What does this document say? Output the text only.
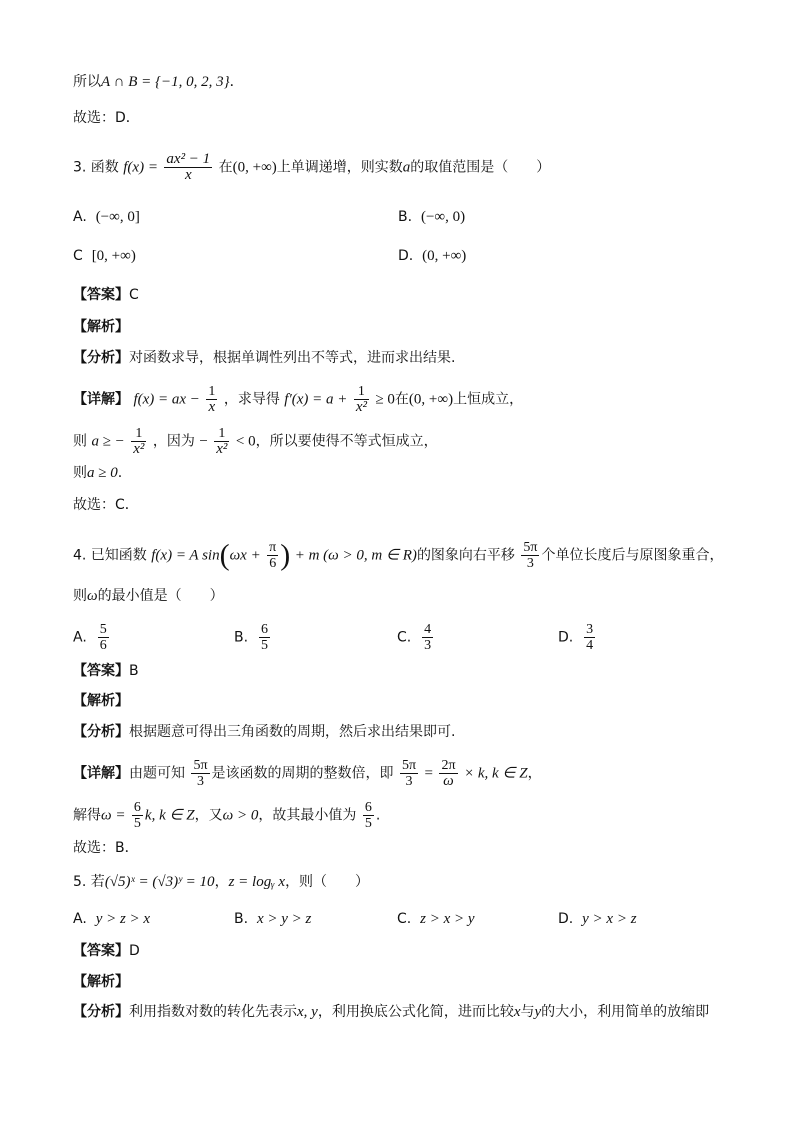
所以A ∩ B = {−1, 0, 2, 3}．
故选：D．
3. 函数 $f(x) = \frac{\text{ax² − 1}}{x}$ 在(0, +∞)上单调递增，则实数a的取值范围是（　　）
A. (−∞, 0]	B. (−∞, 0)
C [0, +∞)	D. (0, +∞)
【答案】C
【解析】
【分析】对函数求导，根据单调性列出不等式，进而求出结果.
【详解】 f(x) = ax − $\frac{1}{x}$ ，求导得 $f'(x) = a + \frac{1}{\text{x²}} \ge 0$在(0, +∞)上恒成立，
则 a ≥ − $\frac{1}{\text{x²}}$ ，因为 − $\frac{1}{\text{x²}} < 0$，所以要使得不等式恒成立，
则a ≥ 0.
故选：C．
4. 已知函数 f(x) = A $\sin(\omega x + \frac{\pi}{6}$ ) + m (ω > 0, m ∈ R)的图象向右平移 $\frac{5\pi}{3}$ 个单位长度后与原图象重合，
则ω的最小值是（　　）
A. $\frac{5}{6}$	B. $\frac{6}{5}$	C. $\frac{4}{3}$	D. $\frac{3}{4}$
【答案】B
【解析】
【分析】根据题意可得出三角函数的周期，然后求出结果即可.
【详解】由题可知 $\frac{5\pi}{3}$ 是该函数的周期的整数倍，即 $\frac{5\pi}{3} = \frac{2\pi}{\omega} \times k$, k ∈ Z，
解得$\omega = \frac{6}{5} k$, k ∈ Z，又ω > 0，故其最小值为 $\frac{6}{5}$ .
故选：B．
5. 若(√5)ˣ = (√3)ʸ = 10，z = logᵧ x，则（　　）
A. y > z > x	B. x > y > z	C. z > x > y	D. y > x > z
【答案】D
【解析】
【分析】利用指数对数的转化先表示x, y，利用换底公式化简，进而比较x与y的大小，利用简单的放缩即
